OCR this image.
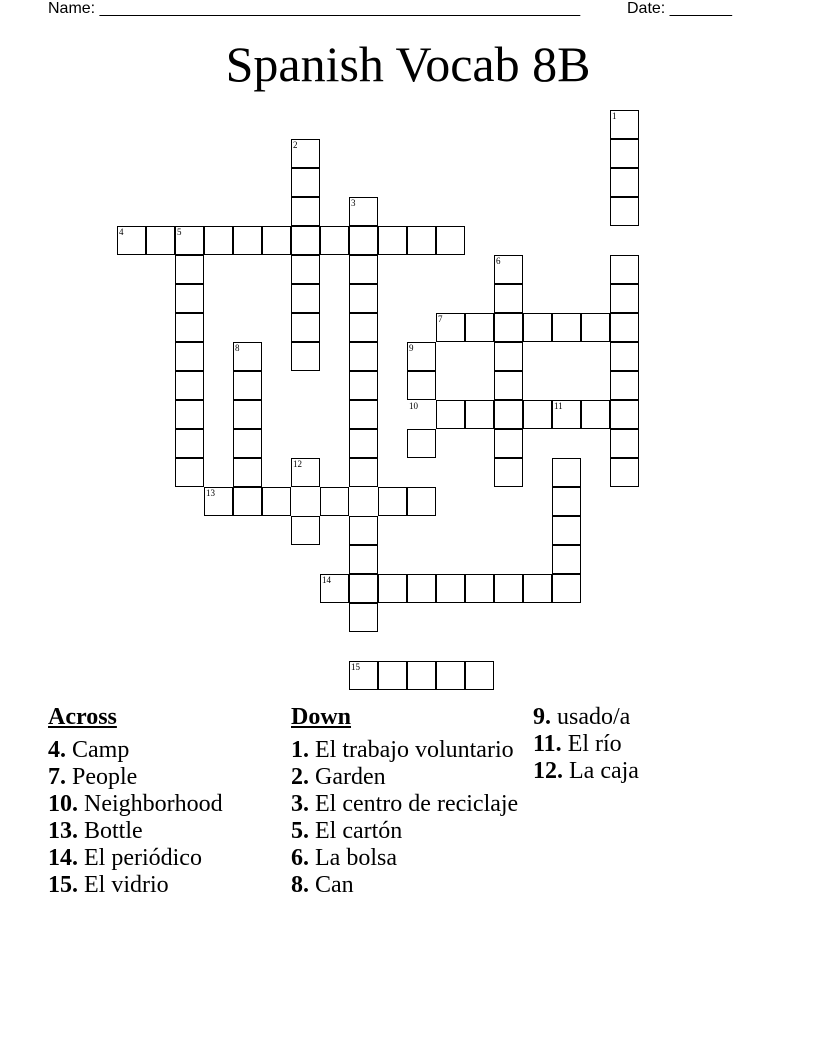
Name: ______________________________________________________	Date: _______
Spanish Vocab 8B
1
2
3
4	5
6
7
8	9
10	11
12
13
14
15
Across
4. Camp
7. People
10. Neighborhood
13. Bottle
14. El periódico
15. El vidrio
Down
1. El trabajo voluntario
2. Garden
3. El centro de reciclaje
5. El cartón
6. La bolsa
8. Can
9. usado/a
11. El río
12. La caja
